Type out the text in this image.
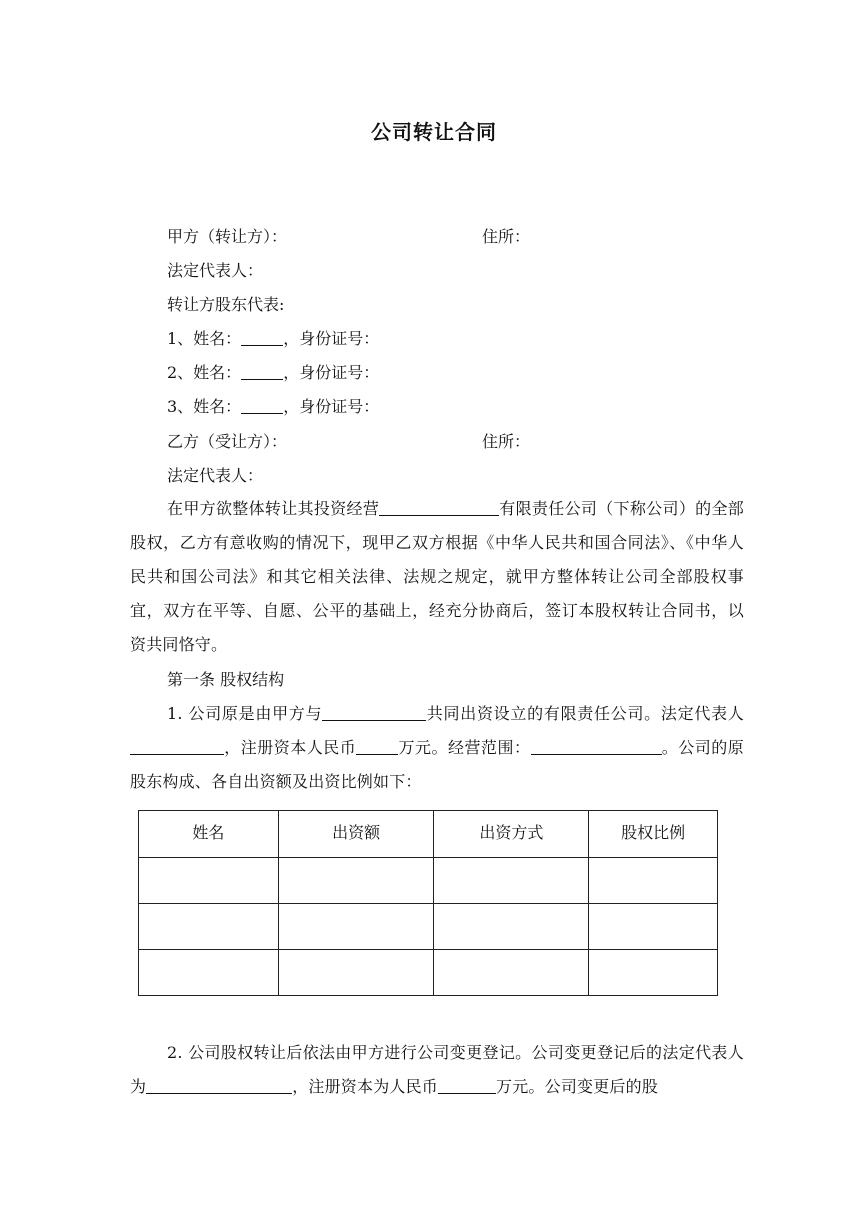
公司转让合同
甲方（转让方）：	住所：
法定代表人：
转让方股东代表:
1、姓名：	，身份证号：
2、姓名：	，身份证号：
3、姓名：	，身份证号：
乙方（受让方）：	住所：
法定代表人：
在甲方欲整体转让其投资经营	有限责任公司（下称公司）的全部股权，乙方有意收购的情况下，现甲乙双方根据《中华人民共和国合同法》、《中华人民共和国公司法》和其它相关法律、法规之规定，就甲方整体转让公司全部股权事宜，双方在平等、自愿、公平的基础上，经充分协商后，签订本股权转让合同书，以资共同恪守。
第一条 股权结构
1. 公司原是由甲方与	共同出资设立的有限责任公司。法定代表人，注册资本人民币	万元。经营范围：	。公司的原股东构成、各自出资额及出资比例如下：
姓名	出资额	出资方式	股权比例

2. 公司股权转让后依法由甲方进行公司变更登记。公司变更登记后的法定代表人为	，注册资本为人民币	万元。公司变更后的股
